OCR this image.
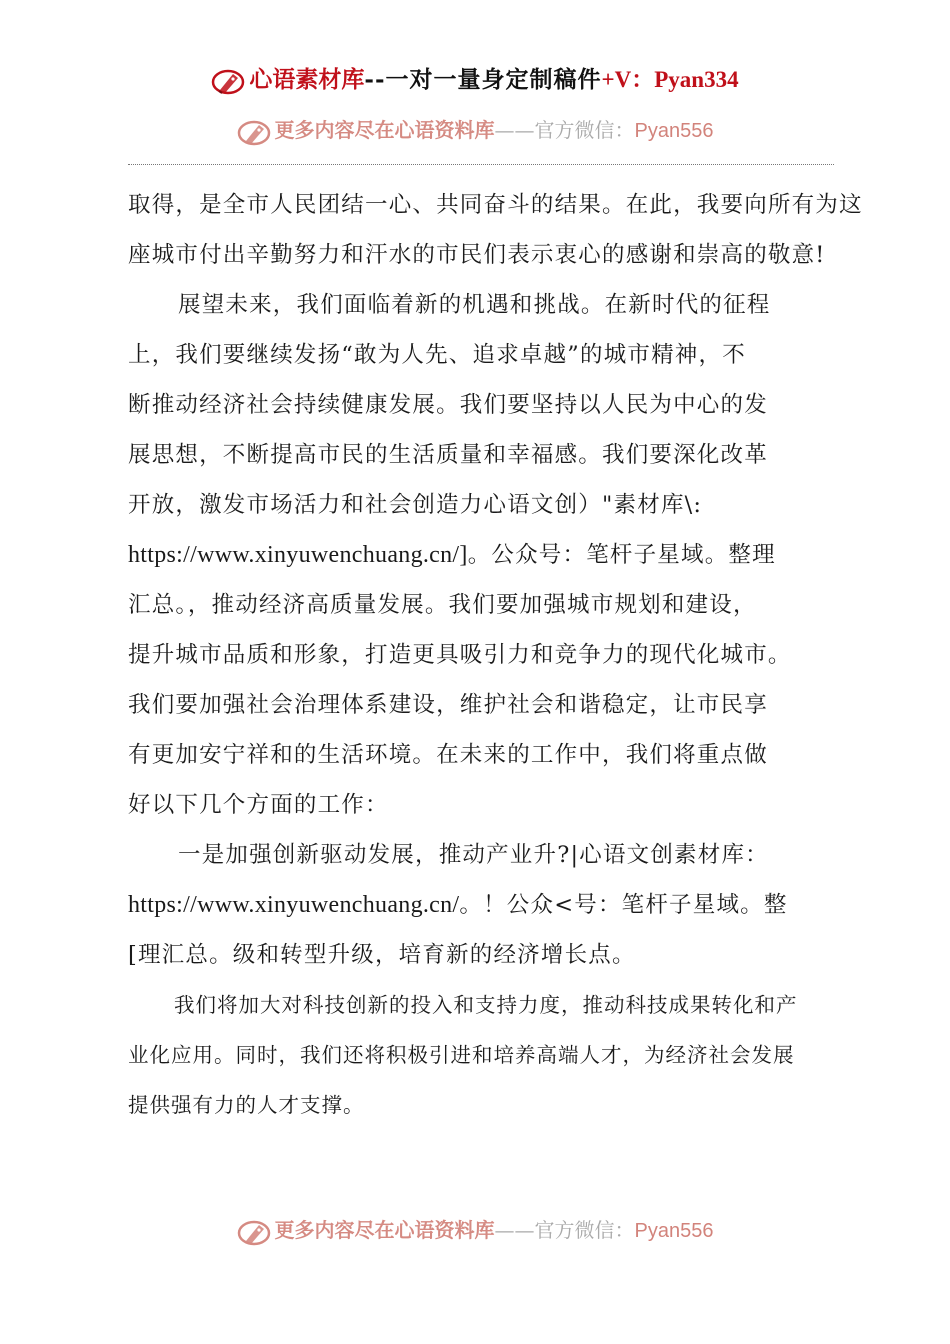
心语素材库--一对一量身定制稿件+V：Pyan334
更多内容尽在心语资料库——官方微信：Pyan556

取得，是全市人民团结一心、共同奋斗的结果。在此，我要向所有为这
座城市付出辛勤努力和汗水的市民们表示衷心的感谢和崇高的敬意!

展望未来，我们面临着新的机遇和挑战。在新时代的征程
上，我们要继续发扬“敢为人先、追求卓越”的城市精神，不
断推动经济社会持续健康发展。我们要坚持以人民为中心的发
展思想，不断提高市民的生活质量和幸福感。我们要深化改革
开放，激发市场活力和社会创造力心语文创）"素材库\:
https://www.xinyuwenchuang.cn/]。公众号：笔杆子星域。整理
汇总。，推动经济高质量发展。我们要加强城市规划和建设，
提升城市品质和形象，打造更具吸引力和竞争力的现代化城市。
我们要加强社会治理体系建设，维护社会和谐稳定，让市民享
有更加安宁祥和的生活环境。在未来的工作中，我们将重点做
好以下几个方面的工作：

一是加强创新驱动发展，推动产业升?|心语文创素材库：
https://www.xinyuwenchuang.cn/。！公众<号：笔杆子星域。整
[理汇总。级和转型升级，培育新的经济增长点。

我们将加大对科技创新的投入和支持力度，推动科技成果转化和产
业化应用。同时，我们还将积极引进和培养高端人才，为经济社会发展
提供强有力的人才支撑。

更多内容尽在心语资料库——官方微信：Pyan556
